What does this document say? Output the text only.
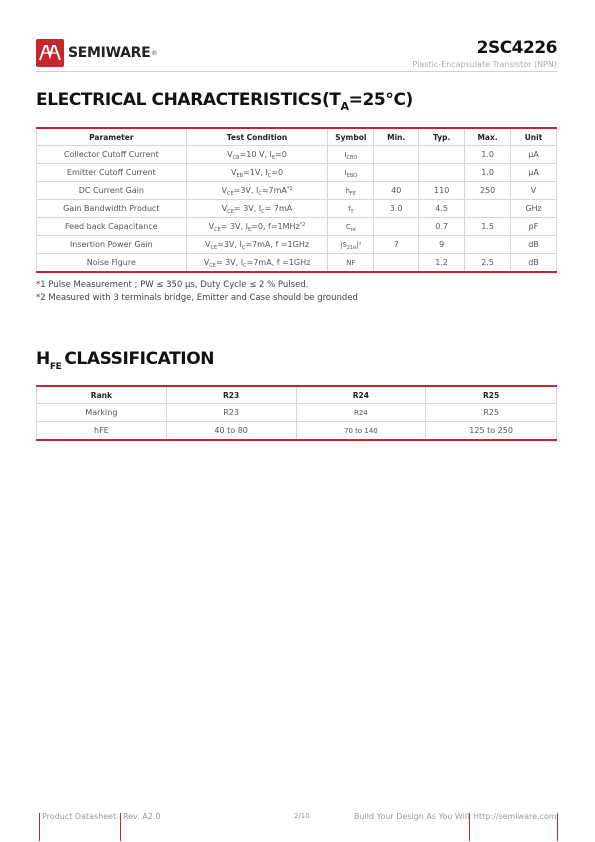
SEMIWARE ®	2SC4226
Plastic-Encapsulate Transistor (NPN)
ELECTRICAL $CHARACTERISTICS(T_A=25^\circ C)$
Parameter	Test Condition	Symbol	Min.	Typ.	Max.	Unit
Collector Cutoff Current	$V_{CB}=10$ V, $I_E=0$	$I_{CBO}$			1.0	µA
Emitter Cutoff Current	$V_{EB}=1V$, $I_C=0$	$I_{EBO}$			1.0	µA
DC Current Gain	$V_{CE}=3V$, $I_C=7mA^{*1}$	$h_{FE}$	40	110	250	V
Gain Bandwidth Product	$V_{CE}= 3V$, $I_C= 7mA$	$f_T$	3.0	4.5		GHz
Feed back Capacitance	$V_{CE}= 3V$, $I_E=0$, f=1MHz$^{*2}$	$C_{re}$		0.7	1.5	pF
Insertion Power Gain	$V_{CE}=3V$, $I_C=7mA$, f =1GHz	$|S_{21e}|^2$	7	9		dB
Noise Figure	$V_{CE}= 3V$, $I_C=7mA$, f =1GHz	NF		1.2	2.5	dB
*1 Pulse Measurement ; PW ≤ 350 µs, Duty Cycle ≤ 2 % Pulsed.
*2 Measured with 3 terminals bridge, Emitter and Case should be grounded
$H_{FE}$ CLASSIFICATION
Rank	R23	R24	R25
Marking	R23	R24	R25
hFE	40 to 80	70 to 140	125 to 250
Product Datasheet Rev. A2.0	2/10	Build Your Design As You Will Http://semiware.com
